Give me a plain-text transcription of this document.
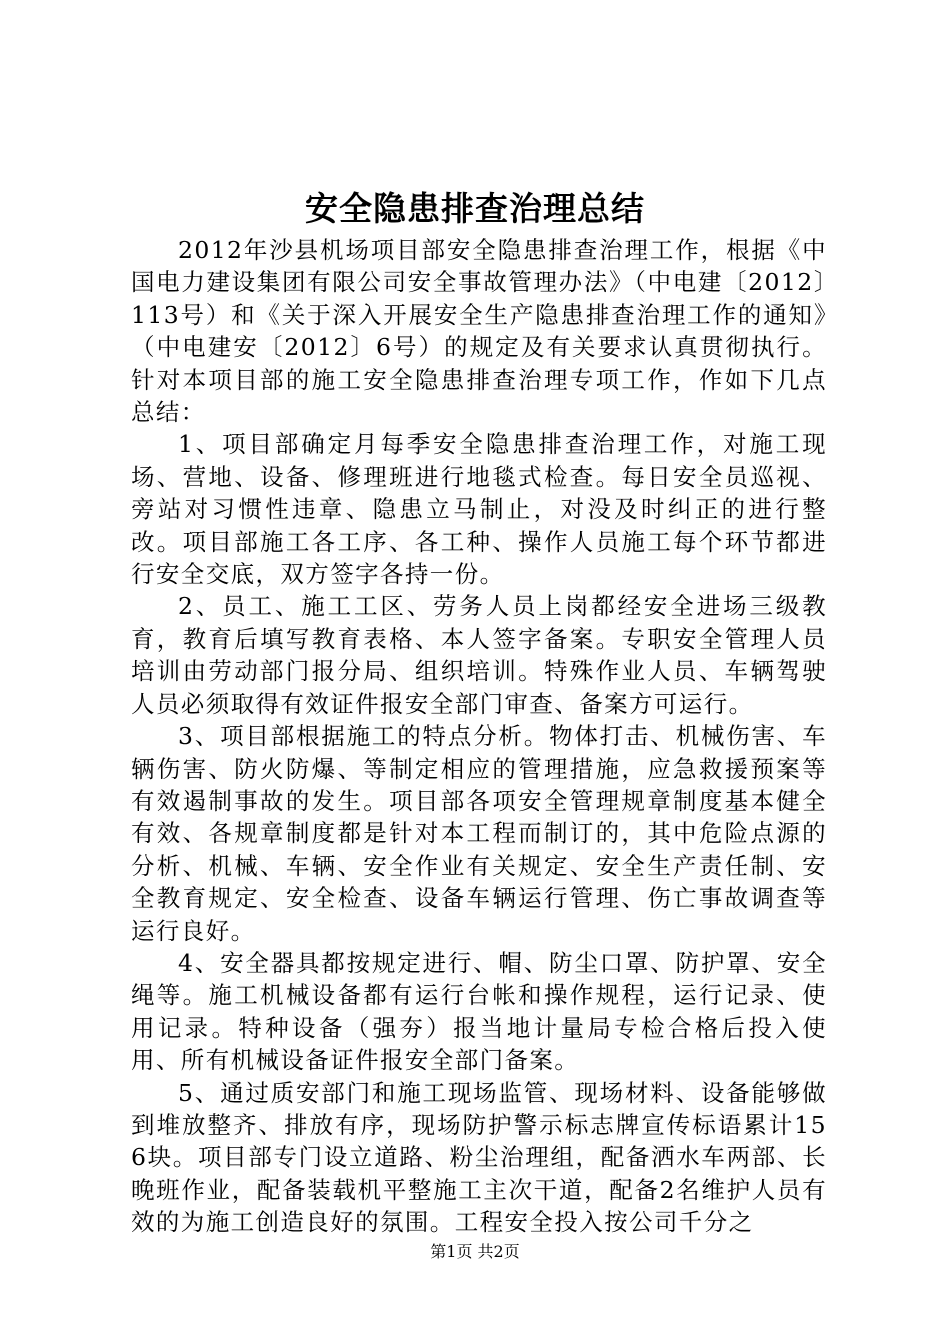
安全隐患排查治理总结

2012年沙县机场项目部安全隐患排查治理工作，根据《中国电力建设集团有限公司安全事故管理办法》（中电建〔2012〕113号）和《关于深入开展安全生产隐患排查治理工作的通知》（中电建安〔2012〕6号）的规定及有关要求认真贯彻执行。针对本项目部的施工安全隐患排查治理专项工作，作如下几点总结：

1、项目部确定月每季安全隐患排查治理工作，对施工现场、营地、设备、修理班进行地毯式检查。每日安全员巡视、旁站对习惯性违章、隐患立马制止，对没及时纠正的进行整改。项目部施工各工序、各工种、操作人员施工每个环节都进行安全交底，双方签字各持一份。

2、员工、施工工区、劳务人员上岗都经安全进场三级教育，教育后填写教育表格、本人签字备案。专职安全管理人员培训由劳动部门报分局、组织培训。特殊作业人员、车辆驾驶人员必须取得有效证件报安全部门审查、备案方可运行。

3、项目部根据施工的特点分析。物体打击、机械伤害、车辆伤害、防火防爆、等制定相应的管理措施，应急救援预案等有效遏制事故的发生。项目部各项安全管理规章制度基本健全有效、各规章制度都是针对本工程而制订的，其中危险点源的分析、机械、车辆、安全作业有关规定、安全生产责任制、安全教育规定、安全检查、设备车辆运行管理、伤亡事故调查等运行良好。

4、安全器具都按规定进行、帽、防尘口罩、防护罩、安全绳等。施工机械设备都有运行台帐和操作规程，运行记录、使用记录。特种设备（强夯）报当地计量局专检合格后投入使用、所有机械设备证件报安全部门备案。

5、通过质安部门和施工现场监管、现场材料、设备能够做到堆放整齐、排放有序，现场防护警示标志牌宣传标语累计156块。项目部专门设立道路、粉尘治理组，配备洒水车两部、长晚班作业，配备装载机平整施工主次干道，配备2名维护人员有效的为施工创造良好的氛围。工程安全投入按公司千分之

第1页 共2页
